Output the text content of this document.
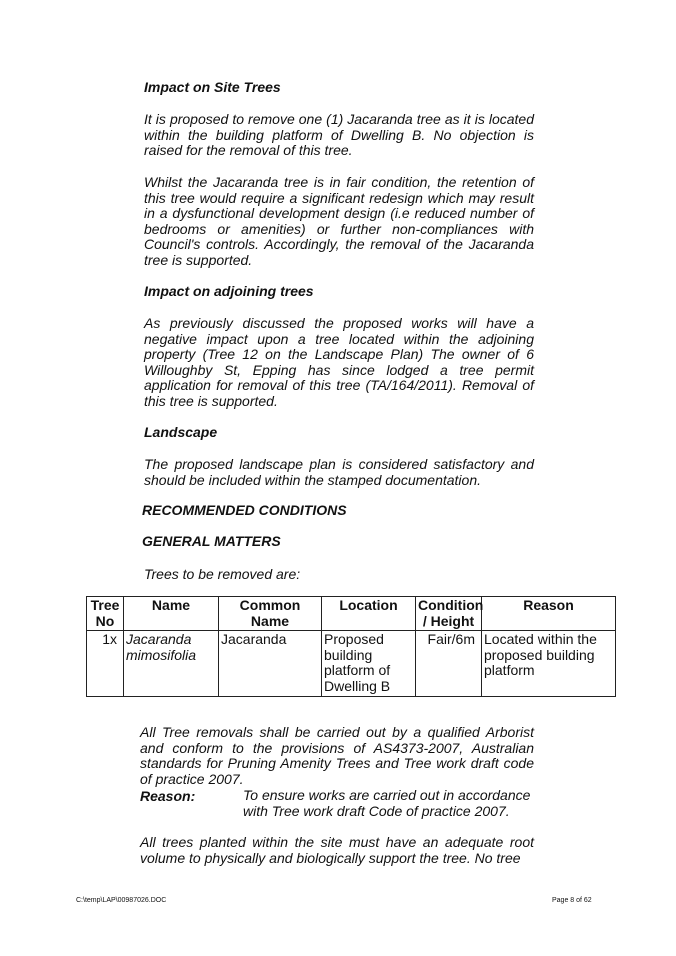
Impact on Site Trees
It is proposed to remove one (1) Jacaranda tree as it is located within the building platform of Dwelling B. No objection is raised for the removal of this tree.
Whilst the Jacaranda tree is in fair condition, the retention of this tree would require a significant redesign which may result in a dysfunctional development design (i.e reduced number of bedrooms or amenities) or further non-compliances with Council's controls. Accordingly, the removal of the Jacaranda tree is supported.
Impact on adjoining trees
As previously discussed the proposed works will have a negative impact upon a tree located within the adjoining property (Tree 12 on the Landscape Plan) The owner of 6 Willoughby St, Epping has since lodged a tree permit application for removal of this tree (TA/164/2011). Removal of this tree is supported.
Landscape
The proposed landscape plan is considered satisfactory and should be included within the stamped documentation.
RECOMMENDED CONDITIONS
GENERAL MATTERS
Trees to be removed are:
Tree No	Name	Common Name	Location	Condition / Height	Reason
1x	Jacaranda mimosifolia	Jacaranda	Proposed building platform of Dwelling B	Fair/6m	Located within the proposed building platform
All Tree removals shall be carried out by a qualified Arborist and conform to the provisions of AS4373-2007, Australian standards for Pruning Amenity Trees and Tree work draft code of practice 2007.
Reason:	To ensure works are carried out in accordance with Tree work draft Code of practice 2007.
All trees planted within the site must have an adequate root volume to physically and biologically support the tree. No tree
C:\temp\LAP\00987026.DOC	Page 8 of 62
